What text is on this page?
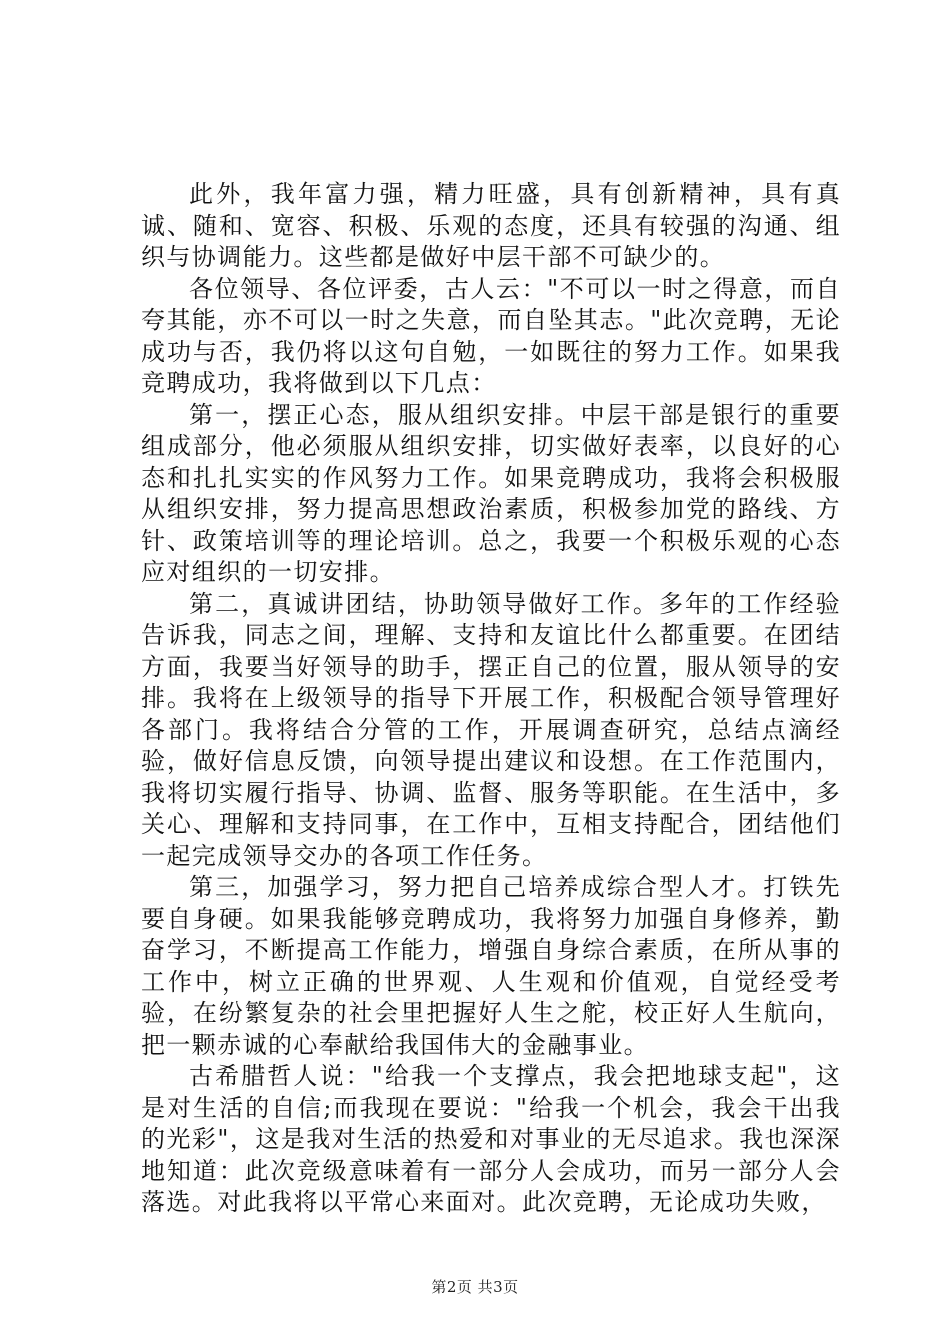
此外，我年富力强，精力旺盛，具有创新精神，具有真诚、随和、宽容、积极、乐观的态度，还具有较强的沟通、组织与协调能力。这些都是做好中层干部不可缺少的。

各位领导、各位评委，古人云："不可以一时之得意，而自夸其能，亦不可以一时之失意，而自坠其志。"此次竞聘，无论成功与否，我仍将以这句自勉，一如既往的努力工作。如果我竞聘成功，我将做到以下几点：

第一，摆正心态，服从组织安排。中层干部是银行的重要组成部分，他必须服从组织安排，切实做好表率，以良好的心态和扎扎实实的作风努力工作。如果竞聘成功，我将会积极服从组织安排，努力提高思想政治素质，积极参加党的路线、方针、政策培训等的理论培训。总之，我要一个积极乐观的心态应对组织的一切安排。

第二，真诚讲团结，协助领导做好工作。多年的工作经验告诉我，同志之间，理解、支持和友谊比什么都重要。在团结方面，我要当好领导的助手，摆正自己的位置，服从领导的安排。我将在上级领导的指导下开展工作，积极配合领导管理好各部门。我将结合分管的工作，开展调查研究，总结点滴经验，做好信息反馈，向领导提出建议和设想。在工作范围内，我将切实履行指导、协调、监督、服务等职能。在生活中，多关心、理解和支持同事，在工作中，互相支持配合，团结他们一起完成领导交办的各项工作任务。

第三，加强学习，努力把自己培养成综合型人才。打铁先要自身硬。如果我能够竞聘成功，我将努力加强自身修养，勤奋学习，不断提高工作能力，增强自身综合素质，在所从事的工作中，树立正确的世界观、人生观和价值观，自觉经受考验，在纷繁复杂的社会里把握好人生之舵，校正好人生航向，把一颗赤诚的心奉献给我国伟大的金融事业。

古希腊哲人说："给我一个支撑点，我会把地球支起"，这是对生活的自信;而我现在要说："给我一个机会，我会干出我的光彩"，这是我对生活的热爱和对事业的无尽追求。我也深深地知道：此次竞级意味着有一部分人会成功，而另一部分人会落选。对此我将以平常心来面对。此次竞聘，无论成功失败，

第2页 共3页
